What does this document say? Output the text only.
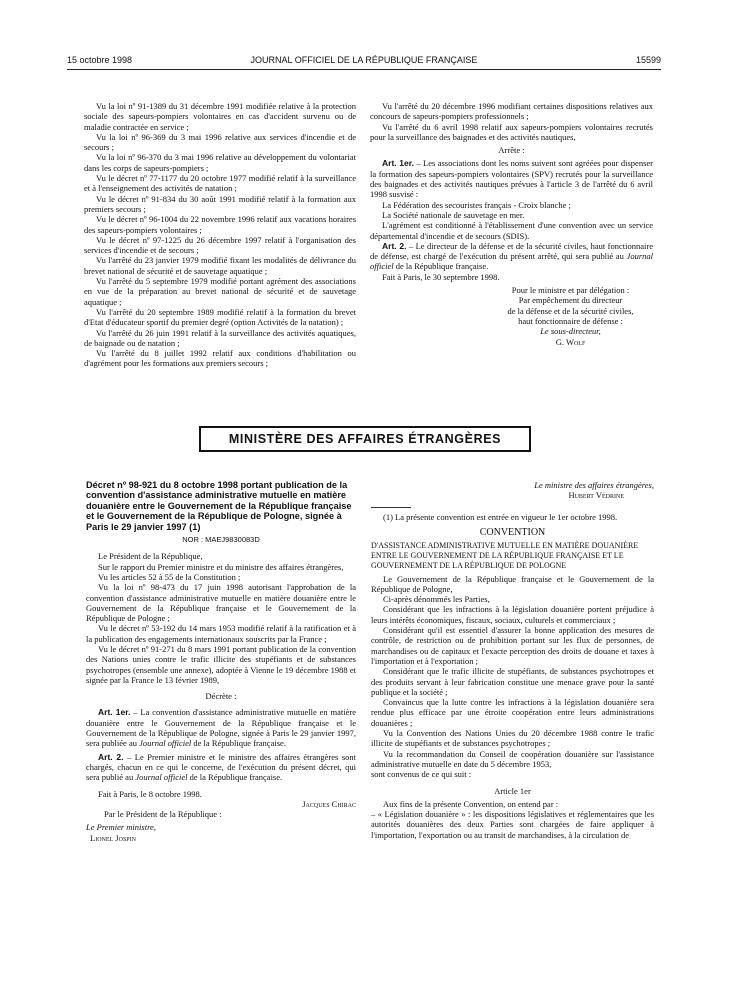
15 octobre 1998	JOURNAL OFFICIEL DE LA RÉPUBLIQUE FRANÇAISE	15599

Vu la loi nº 91-1389 du 31 décembre 1991 modifiée relative à la protection sociale des sapeurs-pompiers volontaires en cas d'accident survenu ou de maladie contractée en service ;

Vu la loi nº 96-369 du 3 mai 1996 relative aux services d'incendie et de secours ;

Vu la loi nº 96-370 du 3 mai 1996 relative au développement du volontariat dans les corps de sapeurs-pompiers ;

Vu le décret nº 77-1177 du 20 octobre 1977 modifié relatif à la surveillance et à l'enseignement des activités de natation ;

Vu le décret nº 91-834 du 30 août 1991 modifié relatif à la formation aux premiers secours ;

Vu le décret nº 96-1004 du 22 novembre 1996 relatif aux vacations horaires des sapeurs-pompiers volontaires ;

Vu le décret nº 97-1225 du 26 décembre 1997 relatif à l'organisation des services d'incendie et de secours ;

Vu l'arrêté du 23 janvier 1979 modifié fixant les modalités de délivrance du brevet national de sécurité et de sauvetage aquatique ;

Vu l'arrêté du 5 septembre 1979 modifié portant agrément des associations en vue de la préparation au brevet national de sécurité et de sauvetage aquatique ;

Vu l'arrêté du 20 septembre 1989 modifié relatif à la formation du brevet d'Etat d'éducateur sportif du premier degré (option Activités de la natation) ;

Vu l'arrêté du 26 juin 1991 relatif à la surveillance des activités aquatiques, de baignade ou de natation ;

Vu l'arrêté du 8 juillet 1992 relatif aux conditions d'habilitation ou d'agrément pour les formations aux premiers secours ;

Vu l'arrêté du 20 décembre 1996 modifiant certaines dispositions relatives aux concours de sapeurs-pompiers professionnels ;

Vu l'arrêté du 6 avril 1998 relatif aux sapeurs-pompiers volontaires recrutés pour la surveillance des baignades et des activités nautiques,

Arrête :

Art. 1er. – Les associations dont les noms suivent sont agréées pour dispenser la formation des sapeurs-pompiers volontaires (SPV) recrutés pour la surveillance des baignades et des activités nautiques prévues à l'article 3 de l'arrêté du 6 avril 1998 susvisé :

La Fédération des secouristes français - Croix blanche ;

La Société nationale de sauvetage en mer.

L'agrément est conditionné à l'établissement d'une convention avec un service départemental d'incendie et de secours (SDIS).

Art. 2. – Le directeur de la défense et de la sécurité civiles, haut fonctionnaire de défense, est chargé de l'exécution du présent arrêté, qui sera publié au Journal officiel de la République française.

Fait à Paris, le 30 septembre 1998.

Pour le ministre et par délégation :

Par empêchement du directeur

de la défense et de la sécurité civiles,

haut fonctionnaire de défense :

Le sous-directeur,

G. Wolf

MINISTÈRE DES AFFAIRES ÉTRANGÈRES

Décret nº 98-921 du 8 octobre 1998 portant publication de la convention d'assistance administrative mutuelle en matière douanière entre le Gouvernement de la République française et le Gouvernement de la République de Pologne, signée à Paris le 29 janvier 1997 (1)

NOR : MAEJ9830083D

Le Président de la République,

Sur le rapport du Premier ministre et du ministre des affaires étrangères,

Vu les articles 52 à 55 de la Constitution ;

Vu la loi nº 98-473 du 17 juin 1998 autorisant l'approbation de la convention d'assistance administrative mutuelle en matière douanière entre le Gouvernement de la République française et le Gouvernement de la République de Pologne ;

Vu le décret nº 53-192 du 14 mars 1953 modifié relatif à la ratification et à la publication des engagements internationaux souscrits par la France ;

Vu le décret nº 91-271 du 8 mars 1991 portant publication de la convention des Nations unies contre le trafic illicite des stupéfiants et de substances psychotropes (ensemble une annexe), adoptée à Vienne le 19 décembre 1988 et signée par la France le 13 février 1989,

Décrète :

Art. 1er. – La convention d'assistance administrative mutuelle en matière douanière entre le Gouvernement de la République française et le Gouvernement de la République de Pologne, signée à Paris le 29 janvier 1997, sera publiée au Journal officiel de la République française.

Art. 2. – Le Premier ministre et le ministre des affaires étrangères sont chargés, chacun en ce qui le concerne, de l'exécution du présent décret, qui sera publié au Journal officiel de la République française.

Fait à Paris, le 8 octobre 1998.

Jacques Chirac

Par le Président de la République :

Le Premier ministre,

Lionel Jospin

Le ministre des affaires étrangères,

Hubert Védrine

(1) La présente convention est entrée en vigueur le 1er octobre 1998.

CONVENTION

D'ASSISTANCE ADMINISTRATIVE MUTUELLE EN MATIÈRE DOUANIÈRE ENTRE LE GOUVERNEMENT DE LA RÉPUBLIQUE FRANÇAISE ET LE GOUVERNEMENT DE LA RÉPUBLIQUE DE POLOGNE

Le Gouvernement de la République française et le Gouvernement de la République de Pologne,

Ci-après dénommés les Parties,

Considérant que les infractions à la législation douanière portent préjudice à leurs intérêts économiques, fiscaux, sociaux, culturels et commerciaux ;

Considérant qu'il est essentiel d'assurer la bonne application des mesures de contrôle, de restriction ou de prohibition portant sur les flux de personnes, de marchandises ou de capitaux et l'exacte perception des droits de douane et taxes à l'importation et à l'exportation ;

Considérant que le trafic illicite de stupéfiants, de substances psychotropes et des produits servant à leur fabrication constitue une menace grave pour la santé publique et la société ;

Convaincus que la lutte contre les infractions à la législation douanière sera rendue plus efficace par une étroite coopération entre leurs administrations douanières ;

Vu la Convention des Nations Unies du 20 décembre 1988 contre le trafic illicite de stupéfiants et de substances psychotropes ;

Vu la recommandation du Conseil de coopération douanière sur l'assistance administrative mutuelle en date du 5 décembre 1953,

sont convenus de ce qui suit :

Article 1er

Aux fins de la présente Convention, on entend par :

– « Législation douanière » : les dispositions législatives et réglementaires que les autorités douanières des deux Parties sont chargées de faire appliquer à l'importation, l'exportation ou au transit de marchandises, à la circulation de
